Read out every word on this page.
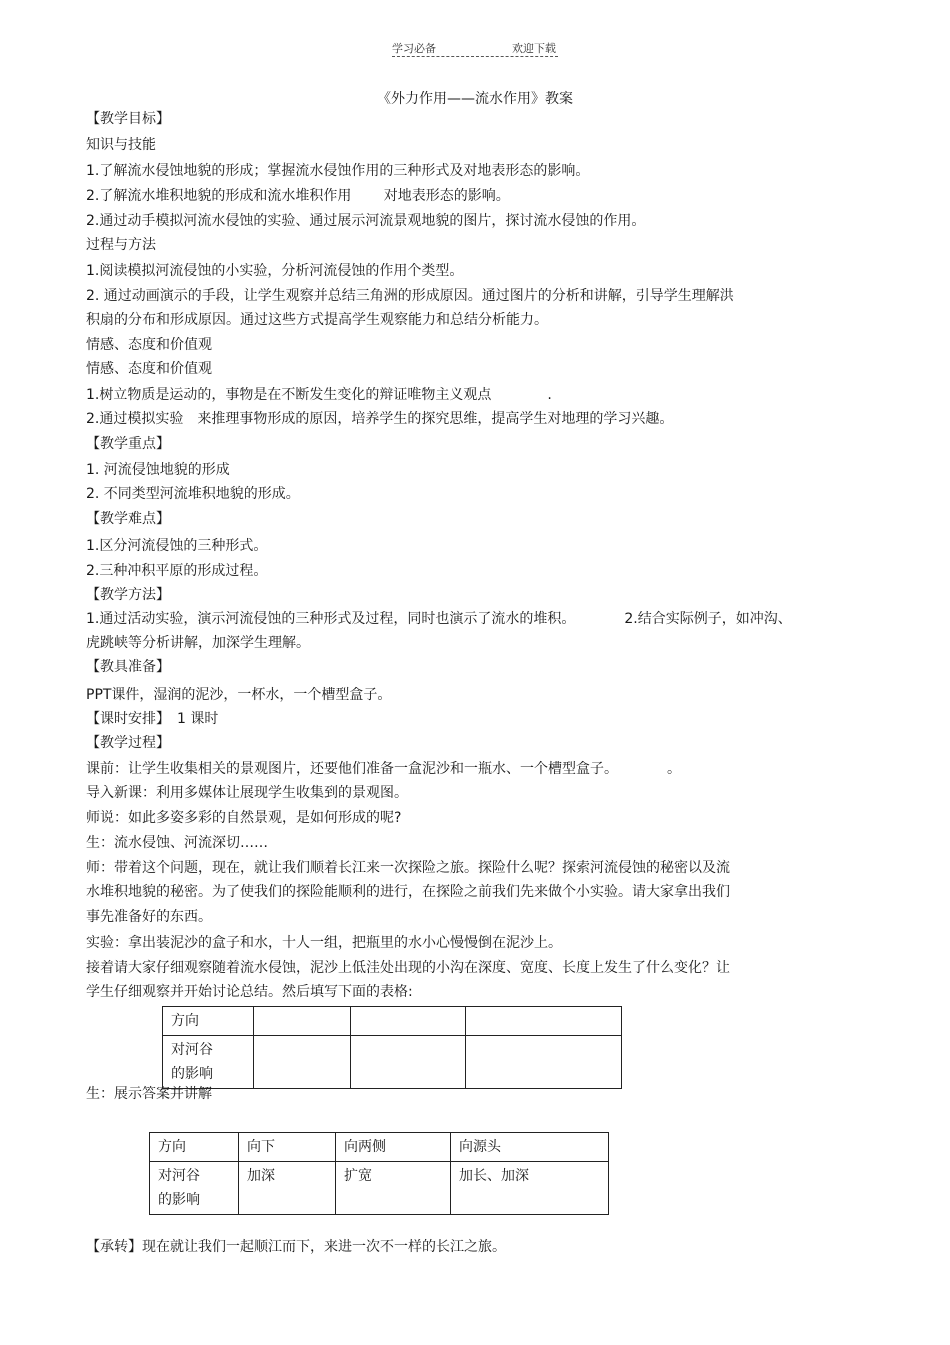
学习必备	欢迎下载
《外力作用——流水作用》教案
【教学目标】
知识与技能
1.了解流水侵蚀地貌的形成；掌握流水侵蚀作用的三种形式及对地表形态的影响。
2.了解流水堆积地貌的形成和流水堆积作用　　 对地表形态的影响。
2.通过动手模拟河流水侵蚀的实验、通过展示河流景观地貌的图片，探讨流水侵蚀的作用。
过程与方法
1.阅读模拟河流侵蚀的小实验，分析河流侵蚀的作用个类型。
2. 通过动画演示的手段，让学生观察并总结三角洲的形成原因。通过图片的分析和讲解，引导学生理解洪
积扇的分布和形成原因。通过这些方式提高学生观察能力和总结分析能力。
情感、态度和价值观
情感、态度和价值观
1.树立物质是运动的，事物是在不断发生变化的辩证唯物主义观点　　　　.
2.通过模拟实验　来推理事物形成的原因，培养学生的探究思维，提高学生对地理的学习兴趣。
【教学重点】
1. 河流侵蚀地貌的形成
2. 不同类型河流堆积地貌的形成。
【教学难点】
1.区分河流侵蚀的三种形式。
2.三种冲积平原的形成过程。
【教学方法】
1.通过活动实验，演示河流侵蚀的三种形式及过程，同时也演示了流水的堆积。　　　　2.结合实际例子，如冲沟、
虎跳峡等分析讲解，加深学生理解。
【教具准备】
PPT课件，湿润的泥沙，一杯水，一个槽型盒子。
【课时安排】　1 课时
【教学过程】
课前：让学生收集相关的景观图片，还要他们准备一盒泥沙和一瓶水、一个槽型盒子。　　　　。
导入新课：利用多媒体让展现学生收集到的景观图。
师说：如此多姿多彩的自然景观，是如何形成的呢?
生：流水侵蚀、河流深切……
师：带着这个问题，现在，就让我们顺着长江来一次探险之旅。探险什么呢？探索河流侵蚀的秘密以及流
水堆积地貌的秘密。为了使我们的探险能顺利的进行，在探险之前我们先来做个小实验。请大家拿出我们
事先准备好的东西。
实验：拿出装泥沙的盒子和水，十人一组，把瓶里的水小心慢慢倒在泥沙上。
接着请大家仔细观察随着流水侵蚀，泥沙上低洼处出现的小沟在深度、宽度、长度上发生了什么变化？让
学生仔细观察并开始讨论总结。然后填写下面的表格:
生：展示答案并讲解
【承转】现在就让我们一起顺江而下，来进一次不一样的长江之旅。
方向			
对河谷
的影响			
方向	向下	向两侧	向源头
对河谷
的影响	加深	扩宽	加长、加深
